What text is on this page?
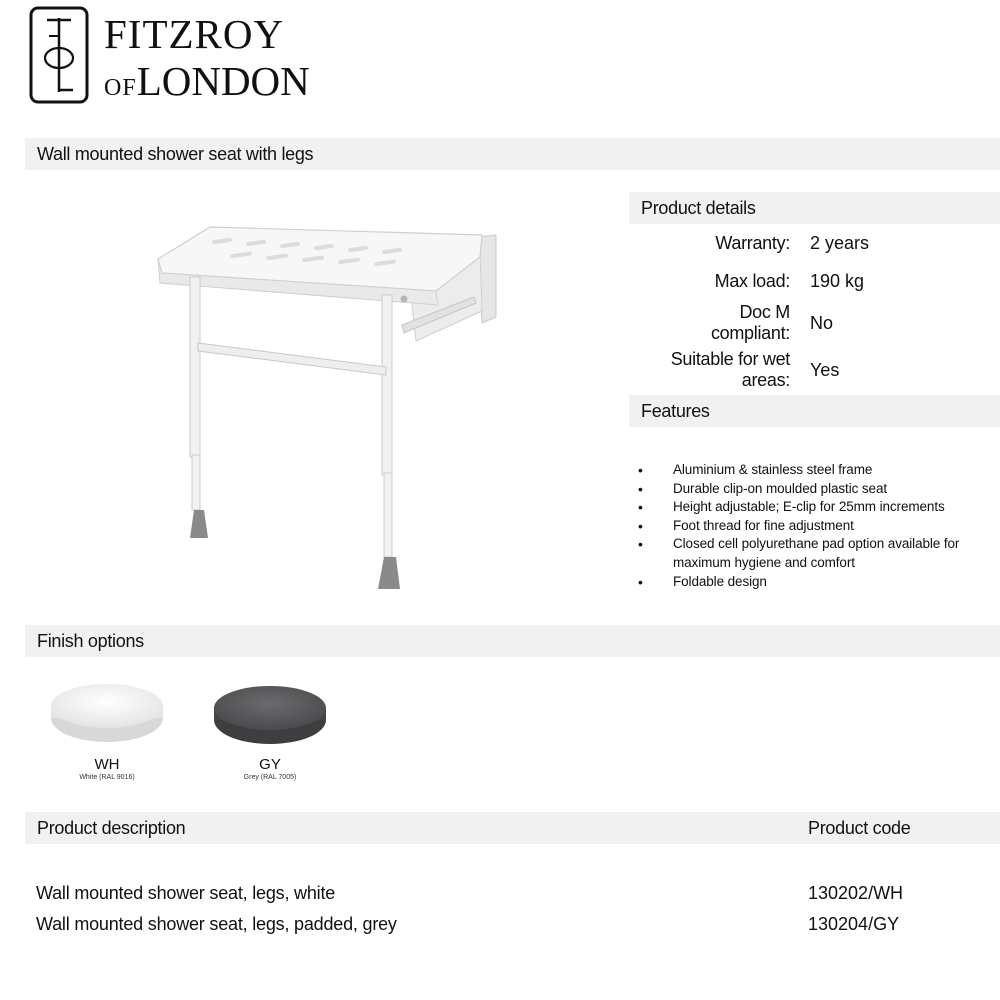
FITZROY
OFLONDON
Wall mounted shower seat with legs
Product details
Warranty: 2 years
Max load: 190 kg
Doc M compliant: No
Suitable for wet areas: Yes
Features
• Aluminium & stainless steel frame
• Durable clip-on moulded plastic seat
• Height adjustable; E-clip for 25mm increments
• Foot thread for fine adjustment
• Closed cell polyurethane pad option available for maximum hygiene and comfort
• Foldable design
Finish options
WH
White (RAL 9016)
GY
Grey (RAL 7005)
Product description	Product code
Wall mounted shower seat, legs, white	130202/WH
Wall mounted shower seat, legs, padded, grey	130204/GY
